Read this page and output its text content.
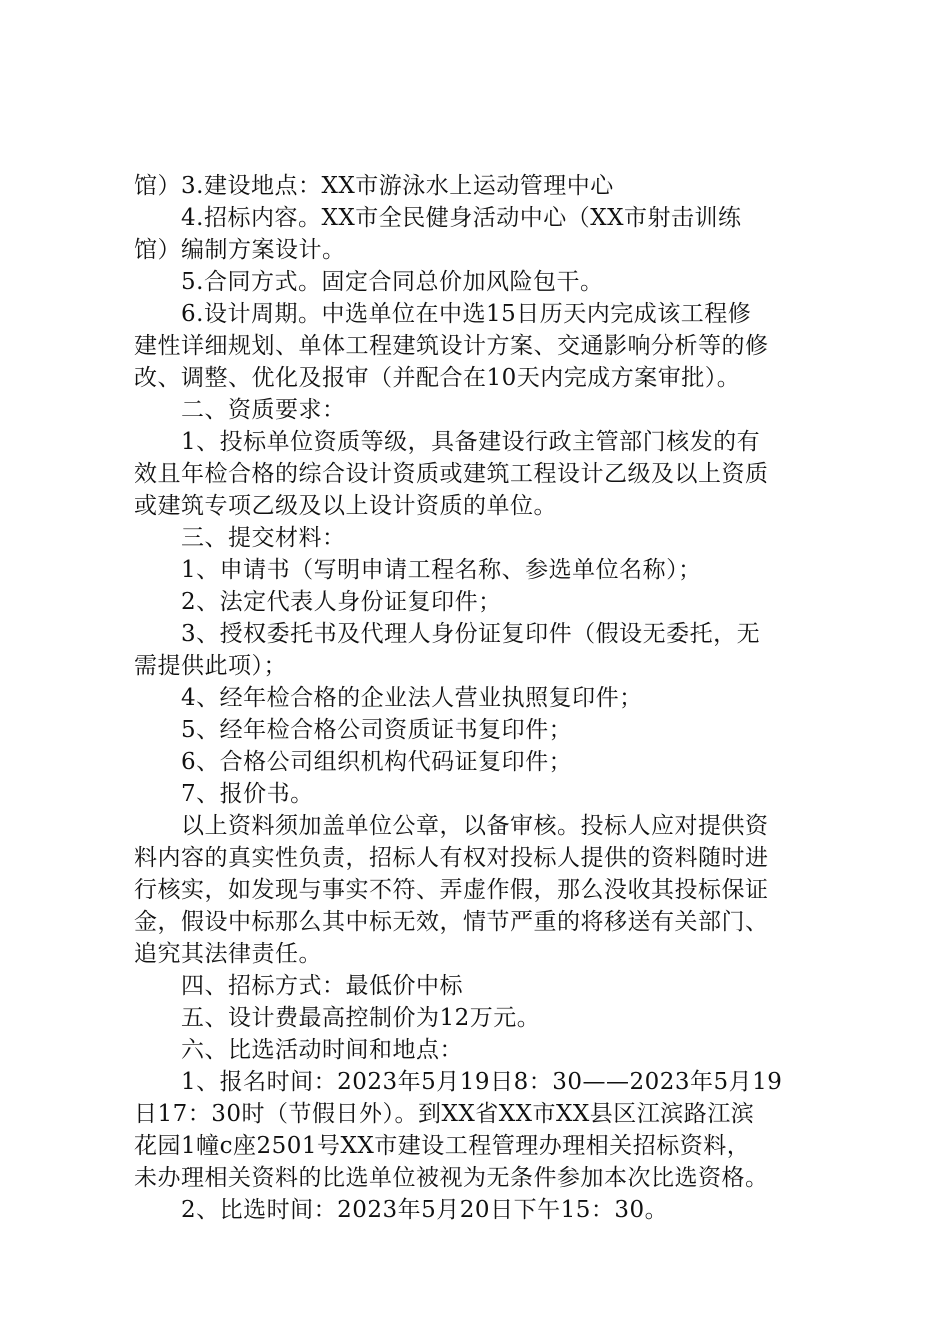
馆）3.建设地点：XX市游泳水上运动管理中心
4.招标内容。XX市全民健身活动中心（XX市射击训练
馆）编制方案设计。
5.合同方式。固定合同总价加风险包干。
6.设计周期。中选单位在中选15日历天内完成该工程修
建性详细规划、单体工程建筑设计方案、交通影响分析等的修
改、调整、优化及报审（并配合在10天内完成方案审批）。
二、资质要求：
1、投标单位资质等级，具备建设行政主管部门核发的有
效且年检合格的综合设计资质或建筑工程设计乙级及以上资质
或建筑专项乙级及以上设计资质的单位。
三、提交材料：
1、申请书（写明申请工程名称、参选单位名称）；
2、法定代表人身份证复印件；
3、授权委托书及代理人身份证复印件（假设无委托，无
需提供此项）；
4、经年检合格的企业法人营业执照复印件；
5、经年检合格公司资质证书复印件；
6、合格公司组织机构代码证复印件；
7、报价书。
以上资料须加盖单位公章，以备审核。投标人应对提供资
料内容的真实性负责，招标人有权对投标人提供的资料随时进
行核实，如发现与事实不符、弄虚作假，那么没收其投标保证
金，假设中标那么其中标无效，情节严重的将移送有关部门、
追究其法律责任。
四、招标方式：最低价中标
五、设计费最高控制价为12万元。
六、比选活动时间和地点：
1、报名时间：2023年5月19日8：30——2023年5月19
日17：30时（节假日外）。到XX省XX市XX县区江滨路江滨
花园1幢c座2501号XX市建设工程管理办理相关招标资料，
未办理相关资料的比选单位被视为无条件参加本次比选资格。
2、比选时间：2023年5月20日下午15：30。
